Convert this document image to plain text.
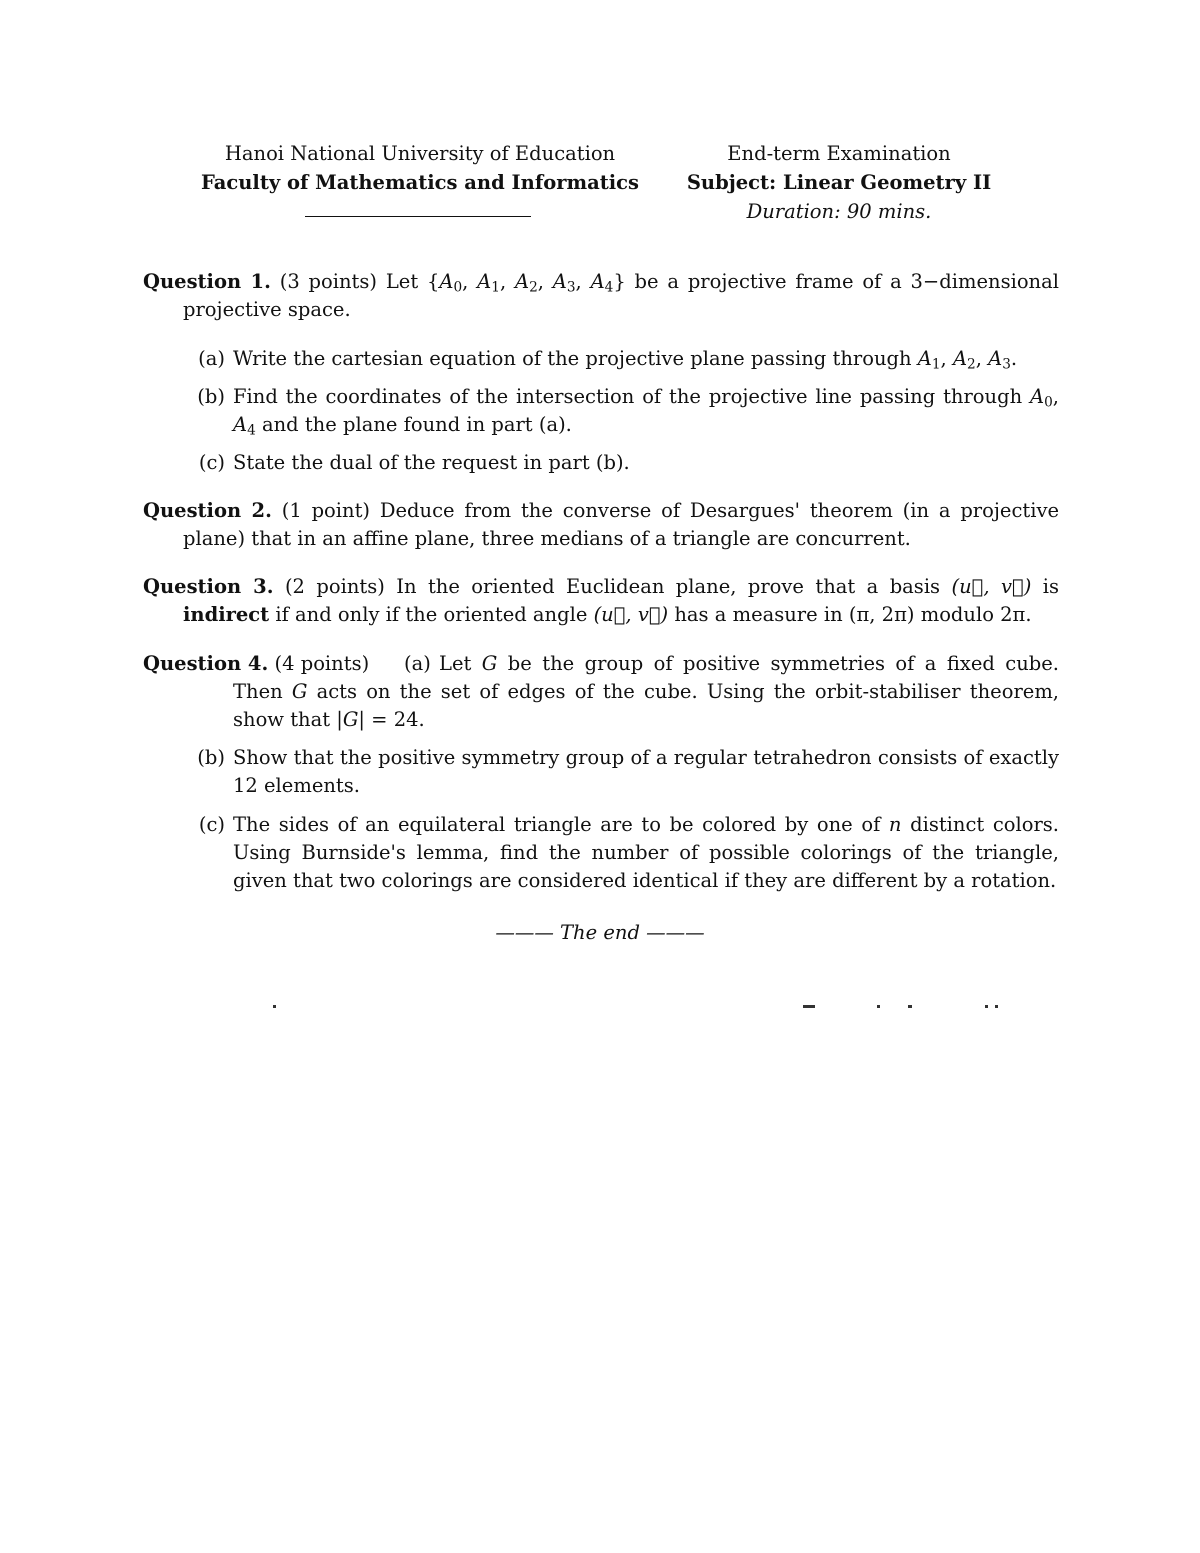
Hanoi National University of Education
Faculty of Mathematics and Informatics
End-term Examination
Subject: Linear Geometry II
Duration: 90 mins.
Question 1. (3 points) Let {$A_0$, $A_1$, $A_2$, $A_3$, $A_4$} be a projective frame of a 3−dimensional projective space.
(a) Write the cartesian equation of the projective plane passing through $A_1$, $A_2$, $A_3$.
(b) Find the coordinates of the intersection of the projective line passing through $A_0$, $A_4$ and the plane found in part (a).
(c) State the dual of the request in part (b).
Question 2. (1 point) Deduce from the converse of Desargues' theorem (in a projective plane) that in an affine plane, three medians of a triangle are concurrent.
Question 3. (2 points) In the oriented Euclidean plane, prove that a basis (u⃗, v⃗) is indirect if and only if the oriented angle (u⃗, v⃗) has a measure in (π, 2π) modulo 2π.
Question 4. (4 points) (a) Let G be the group of positive symmetries of a fixed cube. Then G acts on the set of edges of the cube. Using the orbit-stabiliser theorem, show that |G| = 24.
(b) Show that the positive symmetry group of a regular tetrahedron consists of exactly 12 elements.
(c) The sides of an equilateral triangle are to be colored by one of n distinct colors. Using Burnside's lemma, find the number of possible colorings of the triangle, given that two colorings are considered identical if they are different by a rotation.
——— The end ———
